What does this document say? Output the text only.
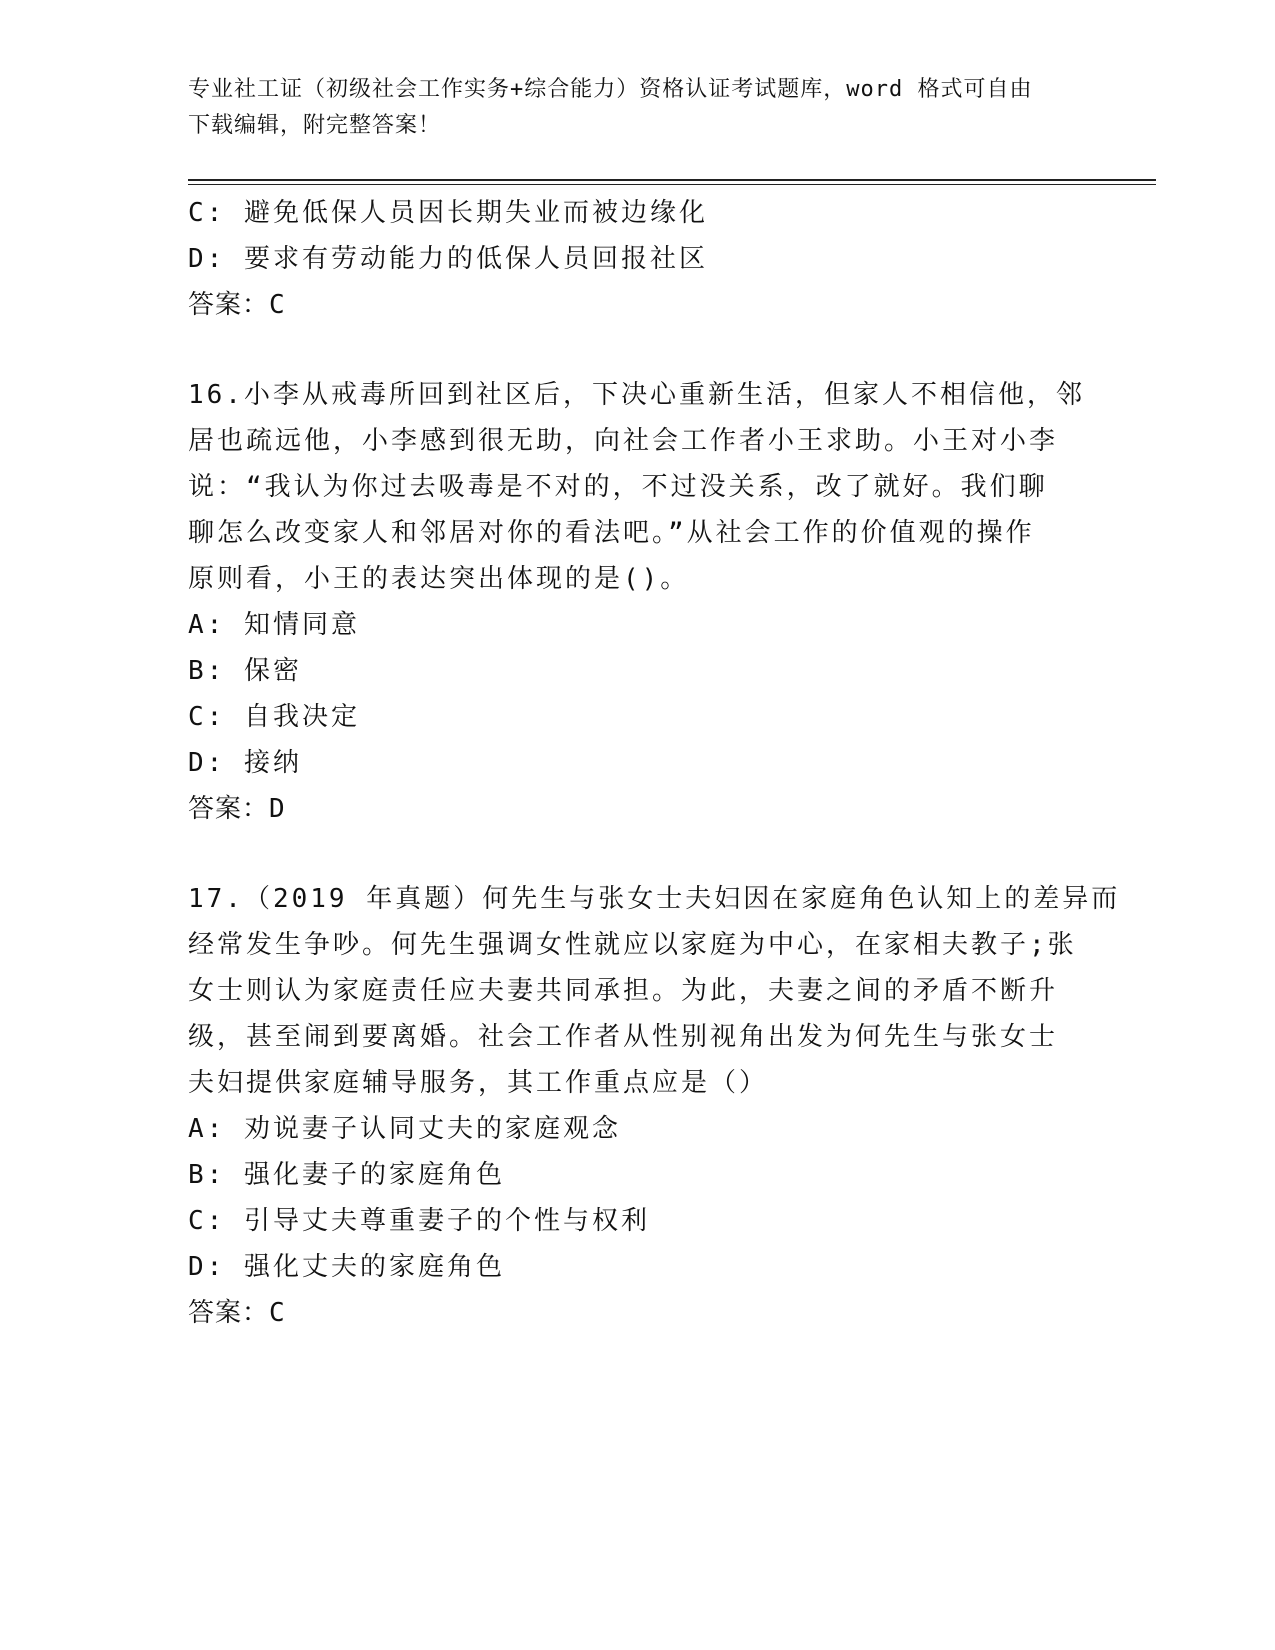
专业社工证（初级社会工作实务+综合能力）资格认证考试题库，word 格式可自由
下载编辑，附完整答案！
C: 避免低保人员因长期失业而被边缘化
D: 要求有劳动能力的低保人员回报社区
答案：C
16.小李从戒毒所回到社区后，下决心重新生活，但家人不相信他，邻
居也疏远他，小李感到很无助，向社会工作者小王求助。小王对小李
说：“我认为你过去吸毒是不对的，不过没关系，改了就好。我们聊
聊怎么改变家人和邻居对你的看法吧。”从社会工作的价值观的操作
原则看，小王的表达突出体现的是()。
A: 知情同意
B: 保密
C: 自我决定
D: 接纳
答案：D
17.（2019 年真题）何先生与张女士夫妇因在家庭角色认知上的差异而
经常发生争吵。何先生强调女性就应以家庭为中心，在家相夫教子;张
女士则认为家庭责任应夫妻共同承担。为此，夫妻之间的矛盾不断升
级，甚至闹到要离婚。社会工作者从性别视角出发为何先生与张女士
夫妇提供家庭辅导服务，其工作重点应是（）
A: 劝说妻子认同丈夫的家庭观念
B: 强化妻子的家庭角色
C: 引导丈夫尊重妻子的个性与权利
D: 强化丈夫的家庭角色
答案：C
